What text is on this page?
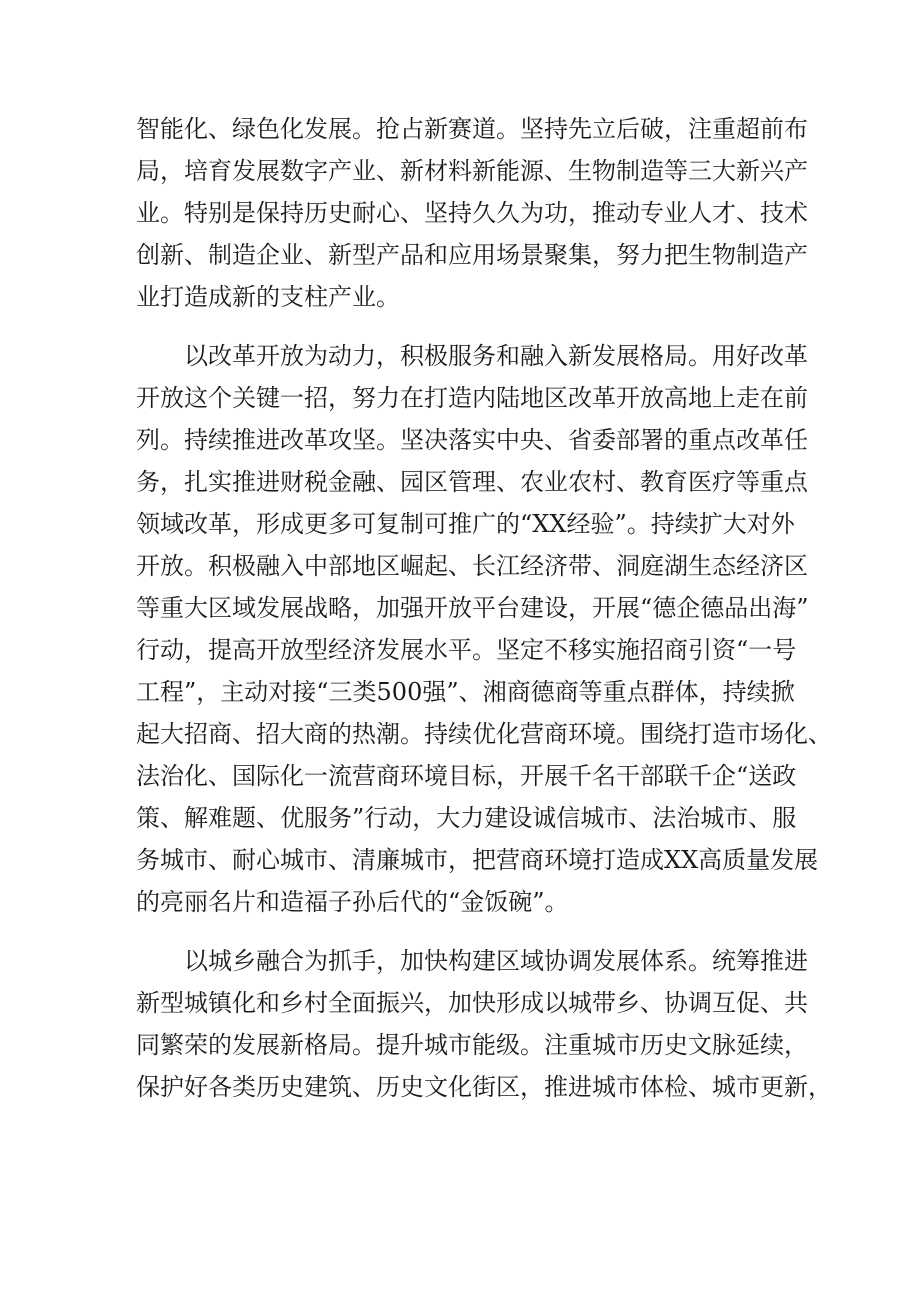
智能化、绿色化发展。抢占新赛道。坚持先立后破，注重超前布
局，培育发展数字产业、新材料新能源、生物制造等三大新兴产
业。特别是保持历史耐心、坚持久久为功，推动专业人才、技术
创新、制造企业、新型产品和应用场景聚集，努力把生物制造产
业打造成新的支柱产业。
以改革开放为动力，积极服务和融入新发展格局。用好改革
开放这个关键一招，努力在打造内陆地区改革开放高地上走在前
列。持续推进改革攻坚。坚决落实中央、省委部署的重点改革任
务，扎实推进财税金融、园区管理、农业农村、教育医疗等重点
领域改革，形成更多可复制可推广的“XX经验”。持续扩大对外
开放。积极融入中部地区崛起、长江经济带、洞庭湖生态经济区
等重大区域发展战略，加强开放平台建设，开展“德企德品出海”
行动，提高开放型经济发展水平。坚定不移实施招商引资“一号
工程”，主动对接“三类500强”、湘商德商等重点群体，持续掀
起大招商、招大商的热潮。持续优化营商环境。围绕打造市场化、
法治化、国际化一流营商环境目标，开展千名干部联千企“送政
策、解难题、优服务”行动，大力建设诚信城市、法治城市、服
务城市、耐心城市、清廉城市，把营商环境打造成XX高质量发展
的亮丽名片和造福子孙后代的“金饭碗”。
以城乡融合为抓手，加快构建区域协调发展体系。统筹推进
新型城镇化和乡村全面振兴，加快形成以城带乡、协调互促、共
同繁荣的发展新格局。提升城市能级。注重城市历史文脉延续，
保护好各类历史建筑、历史文化街区，推进城市体检、城市更新，
